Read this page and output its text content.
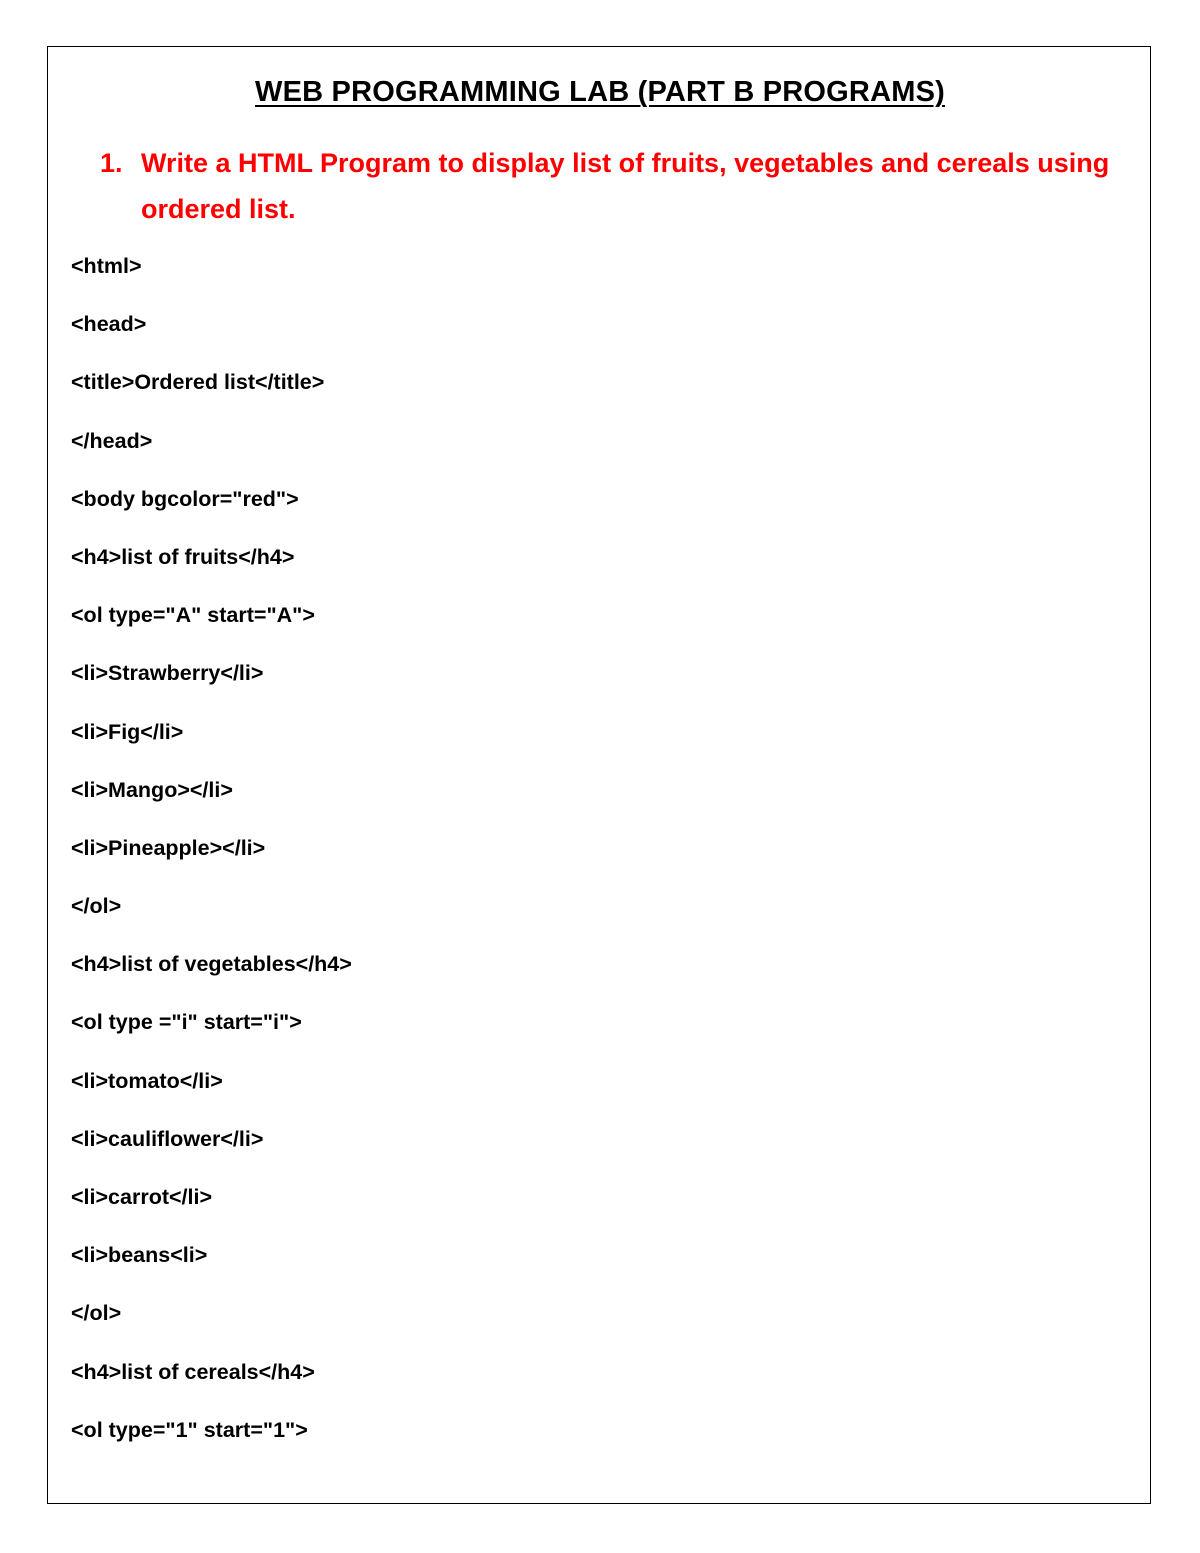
WEB PROGRAMMING LAB (PART B PROGRAMS)
1. Write a HTML Program to display list of fruits, vegetables and cereals using ordered list.
<html>
<head>
<title>Ordered list</title>
</head>
<body bgcolor="red">
<h4>list of fruits</h4>
<ol type="A" start="A">
<li>Strawberry</li>
<li>Fig</li>
<li>Mango></li>
<li>Pineapple></li>
</ol>
<h4>list of vegetables</h4>
<ol type ="i" start="i">
<li>tomato</li>
<li>cauliflower</li>
<li>carrot</li>
<li>beans<li>
</ol>
<h4>list of cereals</h4>
<ol type="1" start="1">
